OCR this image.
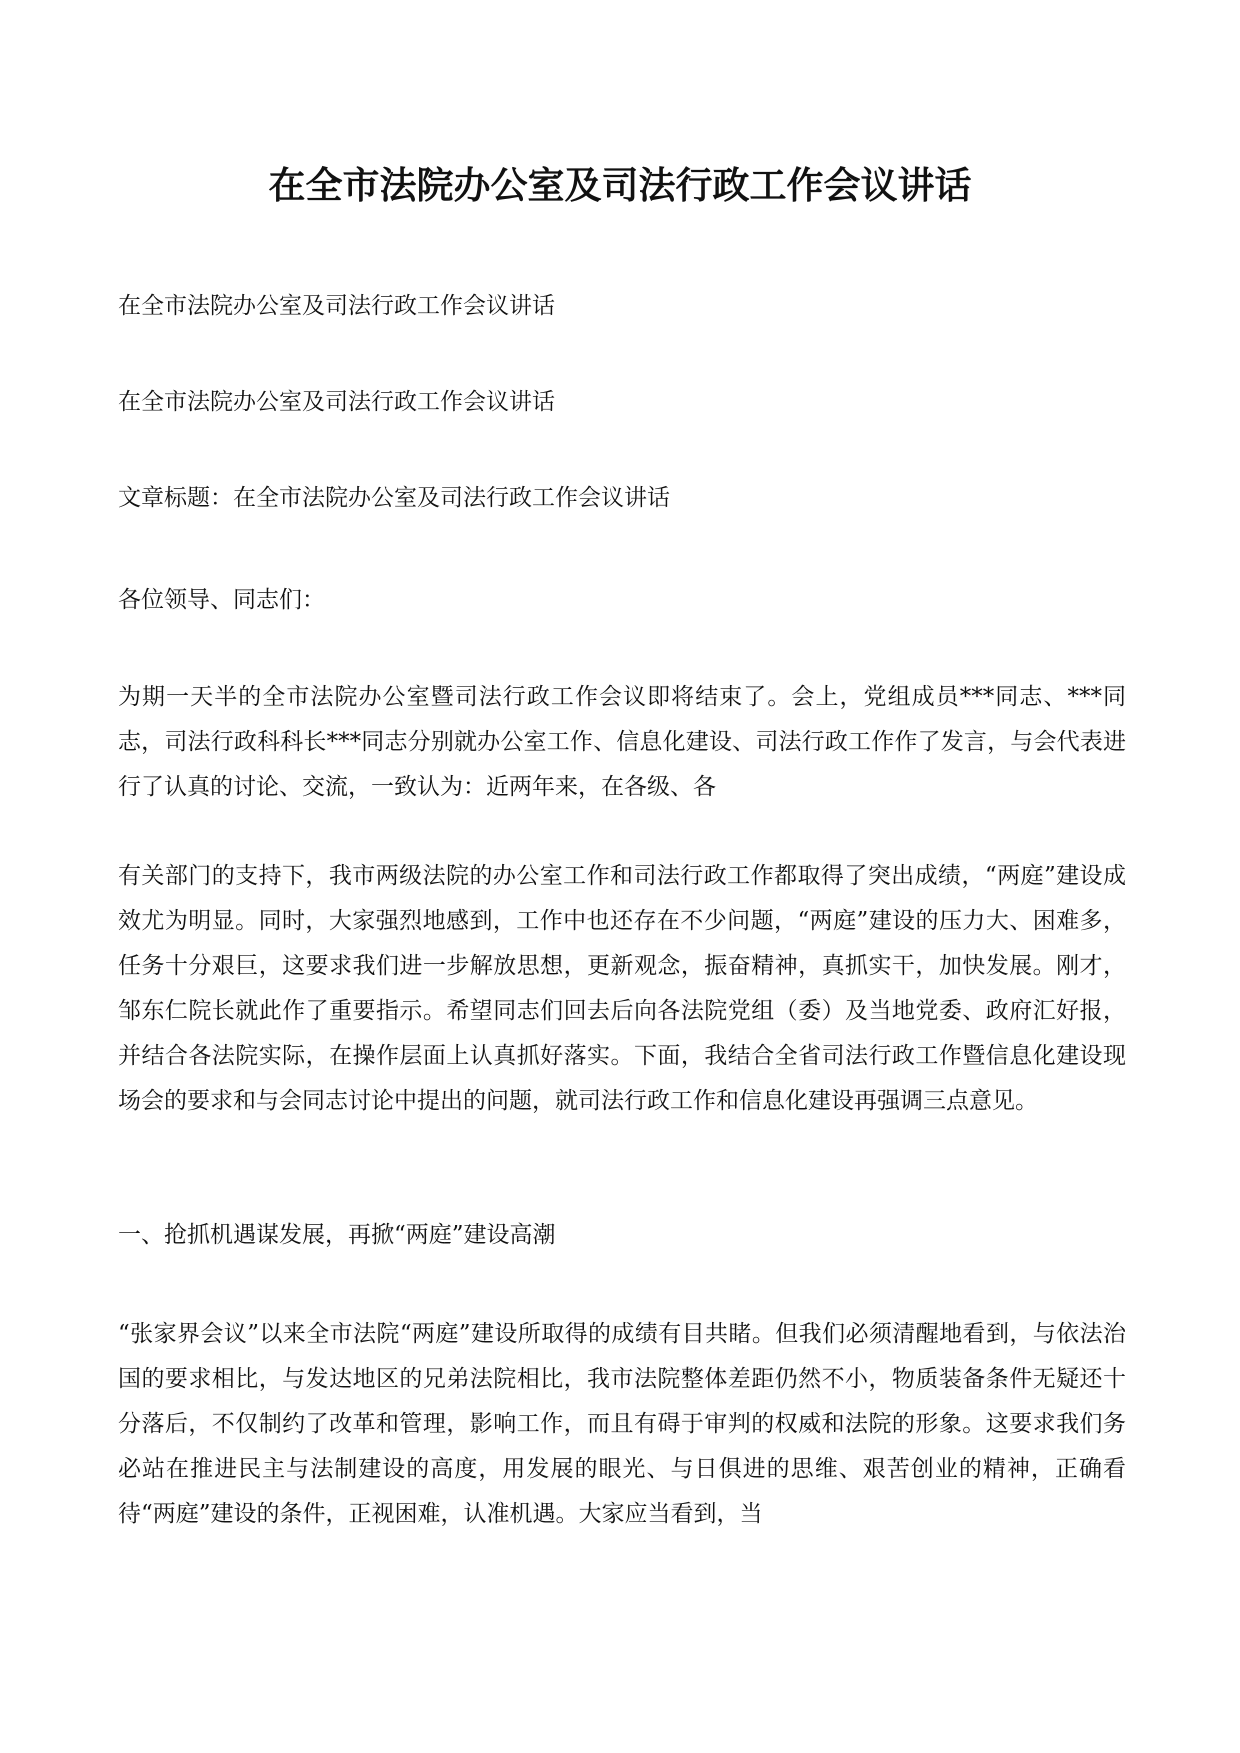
在全市法院办公室及司法行政工作会议讲话

在全市法院办公室及司法行政工作会议讲话

在全市法院办公室及司法行政工作会议讲话

文章标题：在全市法院办公室及司法行政工作会议讲话

各位领导、同志们：

为期一天半的全市法院办公室暨司法行政工作会议即将结束了。会上，党组成员***同志、***同志，司法行政科科长***同志分别就办公室工作、信息化建设、司法行政工作作了发言，与会代表进行了认真的讨论、交流，一致认为：近两年来，在各级、各

有关部门的支持下，我市两级法院的办公室工作和司法行政工作都取得了突出成绩，“两庭”建设成效尤为明显。同时，大家强烈地感到，工作中也还存在不少问题，“两庭”建设的压力大、困难多，任务十分艰巨，这要求我们进一步解放思想，更新观念，振奋精神，真抓实干，加快发展。刚才，邹东仁院长就此作了重要指示。希望同志们回去后向各法院党组（委）及当地党委、政府汇好报，并结合各法院实际，在操作层面上认真抓好落实。下面，我结合全省司法行政工作暨信息化建设现场会的要求和与会同志讨论中提出的问题，就司法行政工作和信息化建设再强调三点意见。

一、抢抓机遇谋发展，再掀“两庭”建设高潮

“张家界会议”以来全市法院“两庭”建设所取得的成绩有目共睹。但我们必须清醒地看到，与依法治国的要求相比，与发达地区的兄弟法院相比，我市法院整体差距仍然不小，物质装备条件无疑还十分落后，不仅制约了改革和管理，影响工作，而且有碍于审判的权威和法院的形象。这要求我们务必站在推进民主与法制建设的高度，用发展的眼光、与日俱进的思维、艰苦创业的精神，正确看待“两庭”建设的条件，正视困难，认准机遇。大家应当看到，当
